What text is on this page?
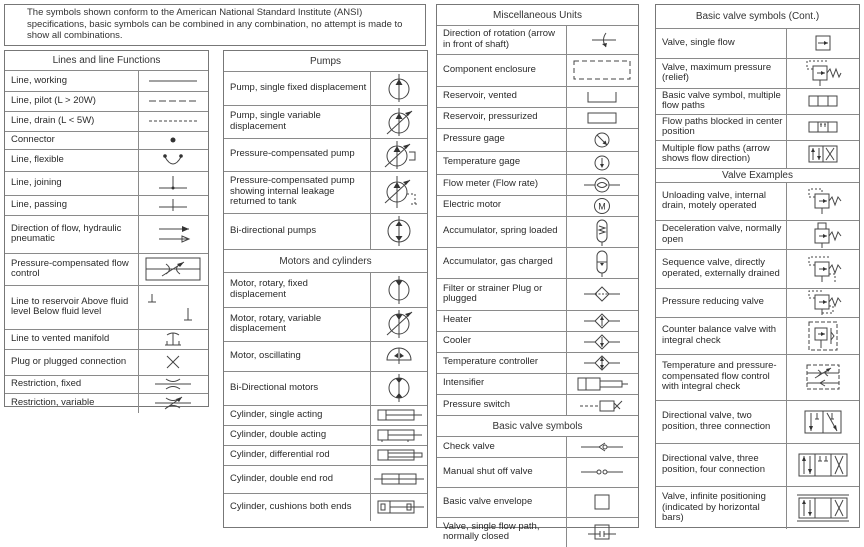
The symbols shown conform to the American National Standard Institute (ANSI) specifications, basic symbols can be combined in any combination, no attempt is made to show all combinations.
Lines and line Functions
Line, working	

Line, pilot (L > 20W)	

Line, drain (L < 5W)	

Connector	

Line, flexible	

Line, joining	

Line, passing	

Direction of flow, hydraulic pneumatic	

Pressure-compensated flow control	

Line to reservoir Above fluid level Below fluid level	

Line to vented manifold	

Plug or plugged connection	

Restriction, fixed	

Restriction, variable	
Pumps
Pump, single fixed displacement	

Pump, single variable displacement	

Pressure-compensated pump	

Pressure-compensated pump showing internal leakage returned to tank	

Bi-directional pumps	
Motors and cylinders
Motor, rotary, fixed displacement	

Motor, rotary, variable displacement	

Motor, oscillating	

Bi-Directional motors	

Cylinder, single acting	

Cylinder, double acting	

Cylinder, differential rod	

Cylinder, double end rod	

Cylinder, cushions both ends	
Miscellaneous Units
Direction of rotation (arrow in front of shaft)	

Component enclosure	

Reservoir, vented	

Reservoir, pressurized	

Pressure gage	

Temperature gage	

Flow meter (Flow rate)	

Electric motor	M

Accumulator, spring loaded	

Accumulator, gas charged	

Filter or strainer Plug or plugged	

Heater	

Cooler	

Temperature controller	

Intensifier	

Pressure switch	
Basic valve symbols
Check valve	

Manual shut off valve	

Basic valve envelope	

Valve, single flow path, normally closed	
Basic valve symbols (Cont.)
Valve, single flow	

Valve, maximum pressure (relief)	

Basic valve symbol, multiple flow paths	

Flow paths blocked in center position	

Multiple flow paths (arrow shows flow direction)	
Valve Examples
Unloading valve, internal drain, motely operated	

Deceleration valve, normally open	

Sequence valve, directly operated, externally drained	

Pressure reducing valve	

Counter balance valve with integral check	

Temperature and pressure-compensated flow control with integral check	

Directional valve, two position, three connection	

Directional valve, three position, four connection	

Valve, infinite positioning (indicated by horizontal bars)	
